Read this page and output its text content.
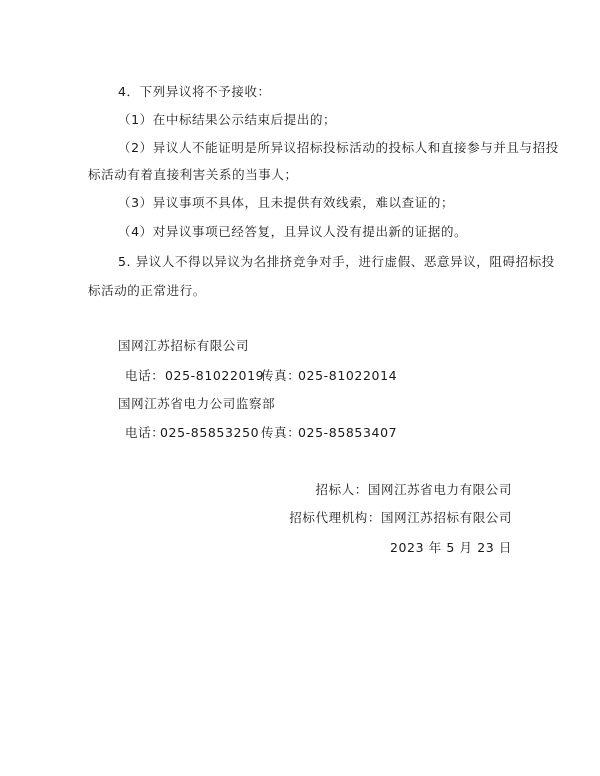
4．下列异议将不予接收：

（1）在中标结果公示结束后提出的；

（2）异议人不能证明是所异议招标投标活动的投标人和直接参与并且与招投

标活动有着直接利害关系的当事人；

（3）异议事项不具体，且未提供有效线索，难以查证的；

（4）对异议事项已经答复，且异议人没有提出新的证据的。

5. 异议人不得以异议为名排挤竞争对手，进行虚假、恶意异议，阻碍招标投

标活动的正常进行。

国网江苏招标有限公司

电话： 025-81022019

传真：

025-81022014

国网江苏省电力公司监察部

电话：

025-85853250 传真：

025-85853407

招标人：国网江苏省电力有限公司

招标代理机构：国网江苏招标有限公司

2023 年 5 月 23 日
